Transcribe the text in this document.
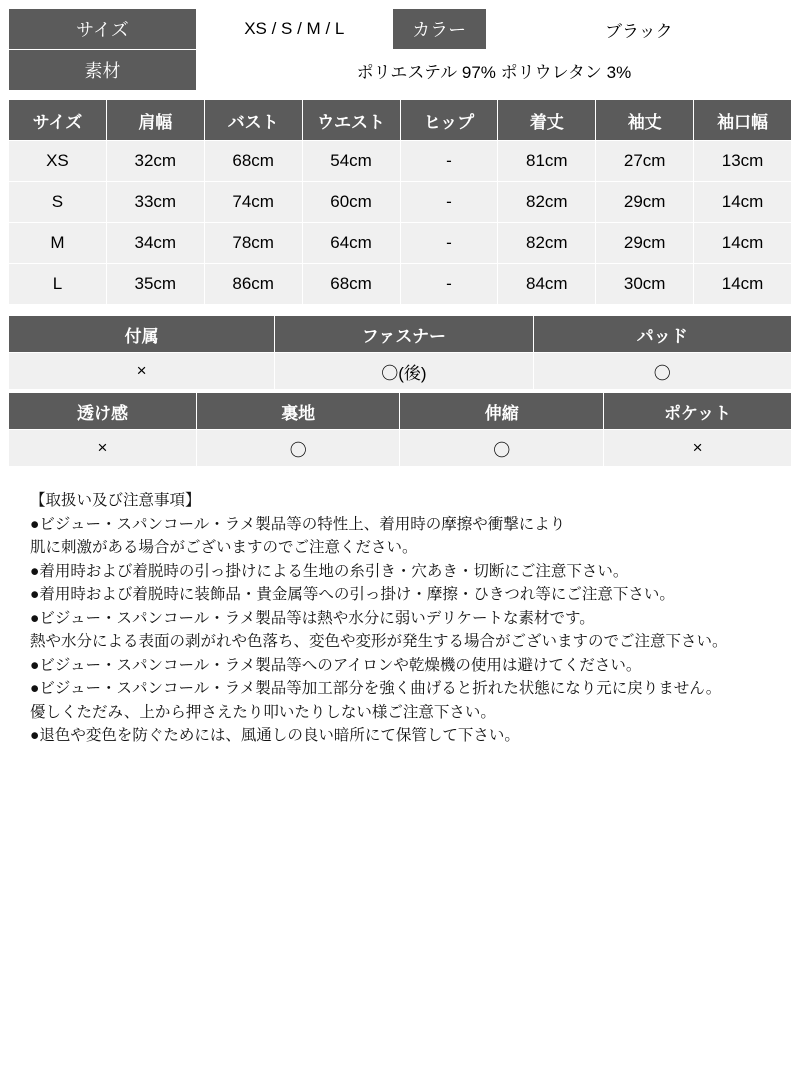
サイズ	XS / S / M / L	カラー	ブラック
素材	ポリエステル 97% ポリウレタン 3%		
サイズ	肩幅	バスト	ウエスト	ヒップ	着丈	袖丈	袖口幅
XS	32cm	68cm	54cm	-	81cm	27cm	13cm
S	33cm	74cm	60cm	-	82cm	29cm	14cm
M	34cm	78cm	64cm	-	82cm	29cm	14cm
L	35cm	86cm	68cm	-	84cm	30cm	14cm
付属	ファスナー	パッド
×	〇(後)	〇
透け感	裏地	伸縮	ポケット
×	〇	〇	×
【取扱い及び注意事項】
●ビジュー・スパンコール・ラメ製品等の特性上、着用時の摩擦や衝撃により
肌に刺激がある場合がございますのでご注意ください。
●着用時および着脱時の引っ掛けによる生地の糸引き・穴あき・切断にご注意下さい。
●着用時および着脱時に装飾品・貴金属等への引っ掛け・摩擦・ひきつれ等にご注意下さい。
●ビジュー・スパンコール・ラメ製品等は熱や水分に弱いデリケートな素材です。
熱や水分による表面の剥がれや色落ち、変色や変形が発生する場合がございますのでご注意下さい。
●ビジュー・スパンコール・ラメ製品等へのアイロンや乾燥機の使用は避けてください。
●ビジュー・スパンコール・ラメ製品等加工部分を強く曲げると折れた状態になり元に戻りません。
優しくただみ、上から押さえたり叩いたりしない様ご注意下さい。
●退色や変色を防ぐためには、風通しの良い暗所にて保管して下さい。
